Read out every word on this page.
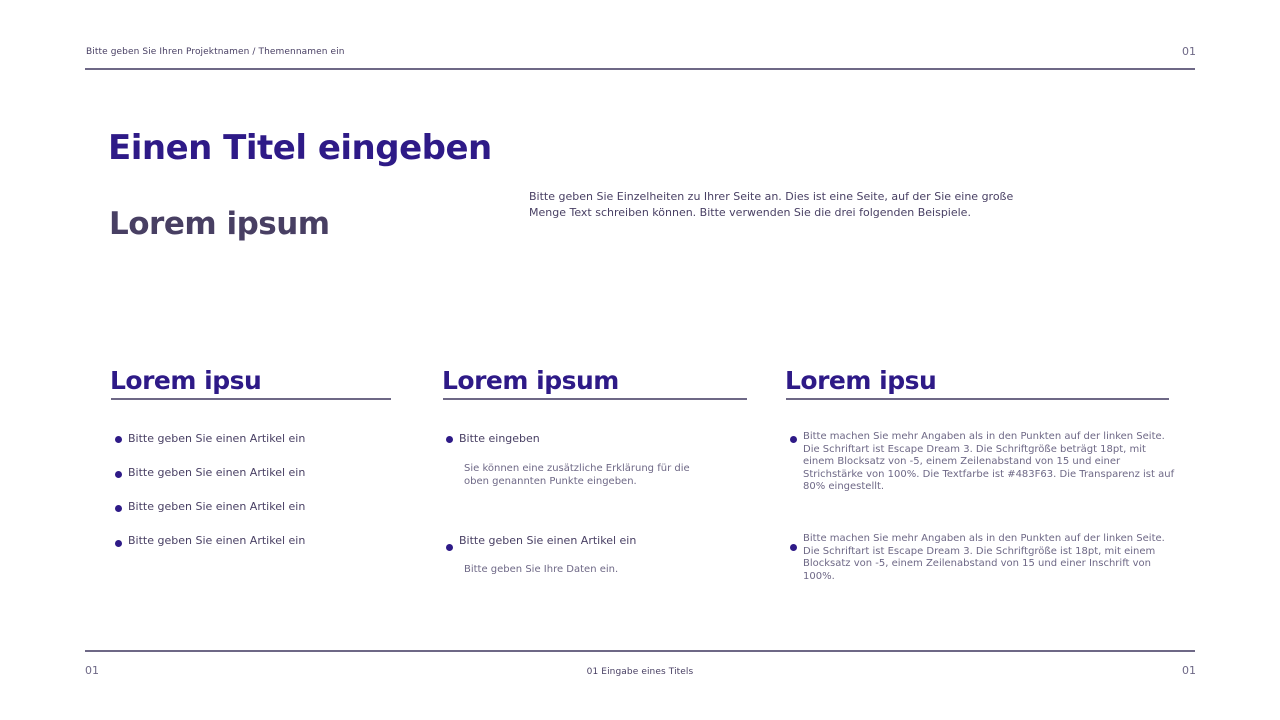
Bitte geben Sie Ihren Projektnamen / Themennamen ein	01
Einen Titel eingeben
Lorem ipsum
Bitte geben Sie Einzelheiten zu Ihrer Seite an. Dies ist eine Seite, auf der Sie eine große Menge Text schreiben können. Bitte verwenden Sie die drei folgenden Beispiele.
Lorem ipsu
Bitte geben Sie einen Artikel ein
Bitte geben Sie einen Artikel ein
Bitte geben Sie einen Artikel ein
Bitte geben Sie einen Artikel ein
Lorem ipsum
Bitte eingeben
Sie können eine zusätzliche Erklärung für die oben genannten Punkte eingeben.
Bitte geben Sie einen Artikel ein
Bitte geben Sie Ihre Daten ein.
Lorem ipsu
Bitte machen Sie mehr Angaben als in den Punkten auf der linken Seite. Die Schriftart ist Escape Dream 3. Die Schriftgröße beträgt 18pt, mit einem Blocksatz von -5, einem Zeilenabstand von 15 und einer Strichstärke von 100%. Die Textfarbe ist #483F63. Die Transparenz ist auf 80% eingestellt.
Bitte machen Sie mehr Angaben als in den Punkten auf der linken Seite. Die Schriftart ist Escape Dream 3. Die Schriftgröße ist 18pt, mit einem Blocksatz von -5, einem Zeilenabstand von 15 und einer Inschrift von 100%.
01	01 Eingabe eines Titels	01
